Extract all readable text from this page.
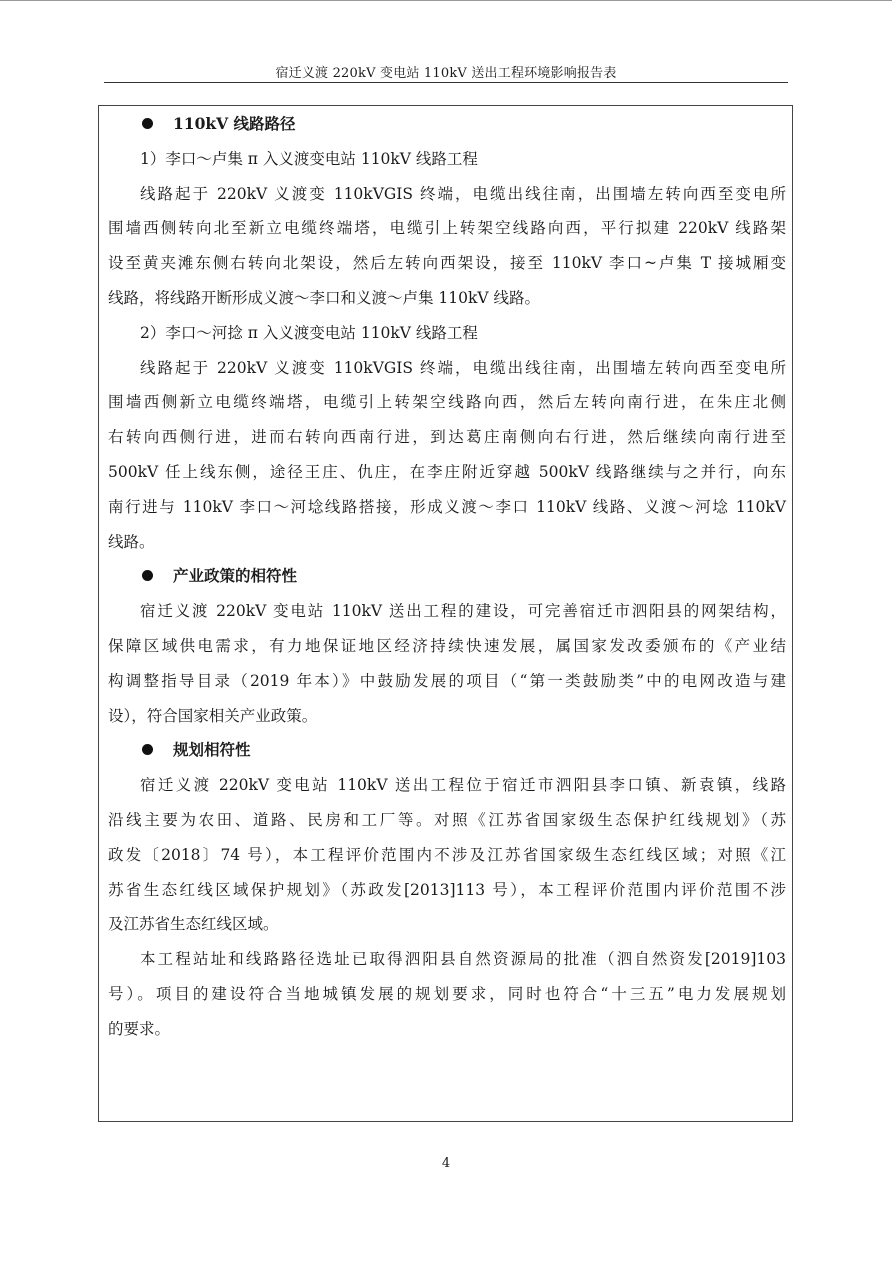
宿迁义渡 220kV 变电站 110kV 送出工程环境影响报告表
110kV 线路路径
1）李口～卢集 π 入义渡变电站 110kV 线路工程
线路起于 220kV 义渡变 110kVGIS 终端，电缆出线往南，出围墙左转向西至变电所
围墙西侧转向北至新立电缆终端塔，电缆引上转架空线路向西，平行拟建 220kV 线路架
设至黄夹滩东侧右转向北架设，然后左转向西架设，接至 110kV 李口~卢集 T 接城厢变
线路，将线路开断形成义渡～李口和义渡～卢集 110kV 线路。
2）李口～河捻 π 入义渡变电站 110kV 线路工程
线路起于 220kV 义渡变 110kVGIS 终端，电缆出线往南，出围墙左转向西至变电所
围墙西侧新立电缆终端塔，电缆引上转架空线路向西，然后左转向南行进，在朱庄北侧
右转向西侧行进，进而右转向西南行进，到达葛庄南侧向右行进，然后继续向南行进至
500kV 任上线东侧，途径王庄、仇庄，在李庄附近穿越 500kV 线路继续与之并行，向东
南行进与 110kV 李口～河埝线路搭接，形成义渡～李口 110kV 线路、义渡～河埝 110kV
线路。
产业政策的相符性
宿迁义渡 220kV 变电站 110kV 送出工程的建设，可完善宿迁市泗阳县的网架结构，
保障区域供电需求，有力地保证地区经济持续快速发展，属国家发改委颁布的《产业结
构调整指导目录（2019 年本）》中鼓励发展的项目（“第一类鼓励类”中的电网改造与建
设），符合国家相关产业政策。
规划相符性
宿迁义渡 220kV 变电站 110kV 送出工程位于宿迁市泗阳县李口镇、新袁镇，线路
沿线主要为农田、道路、民房和工厂等。对照《江苏省国家级生态保护红线规划》（苏
政发〔2018〕74 号），本工程评价范围内不涉及江苏省国家级生态红线区域；对照《江
苏省生态红线区域保护规划》（苏政发[2013]113 号），本工程评价范围内评价范围不涉
及江苏省生态红线区域。
本工程站址和线路路径选址已取得泗阳县自然资源局的批准（泗自然资发[2019]103
号）。项目的建设符合当地城镇发展的规划要求，同时也符合“十三五”电力发展规划
的要求。
4
